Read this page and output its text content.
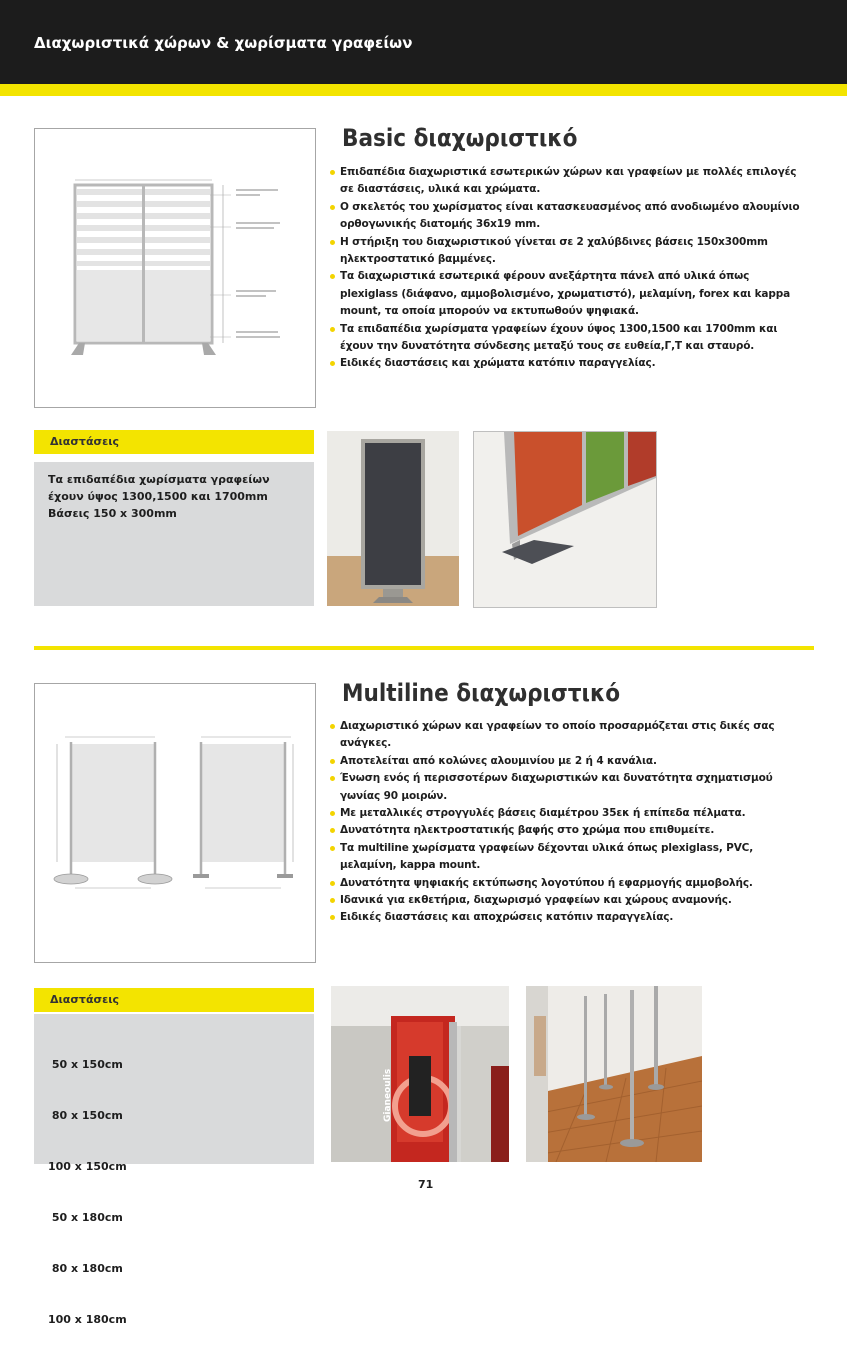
Διαχωριστικά χώρων & χωρίσματα γραφείων
Basic διαχωριστικό
Επιδαπέδια διαχωριστικά εσωτερικών χώρων και γραφείων με πολλές επιλογές σε διαστάσεις, υλικά και χρώματα.
Ο σκελετός του χωρίσματος είναι κατασκευασμένος από ανοδιωμένο αλουμίνιο ορθογωνικής διατομής 36x19 mm.
Η στήριξη του διαχωριστικού γίνεται σε 2 χαλύβδινες βάσεις 150x300mm ηλεκτροστατικό βαμμένες.
Τα διαχωριστικά εσωτερικά φέρουν ανεξάρτητα πάνελ από υλικά όπως plexiglass (διάφανο, αμμοβολισμένο, χρωματιστό), μελαμίνη, forex και kappa mount, τα οποία μπορούν να εκτυπωθούν ψηφιακά.
Τα επιδαπέδια χωρίσματα γραφείων έχουν ύψος 1300,1500 και 1700mm και έχουν την δυνατότητα σύνδεσης μεταξύ τους σε ευθεία,Γ,Τ και σταυρό.
Ειδικές διαστάσεις και χρώματα κατόπιν παραγγελίας.
Διαστάσεις
Τα επιδαπέδια χωρίσματα γραφείων
έχουν ύψος 1300,1500 και 1700mm
Βάσεις 150 x 300mm
Multiline διαχωριστικό
Διαχωριστικό χώρων και γραφείων το οποίο προσαρμόζεται στις δικές σας ανάγκες.
Αποτελείται από κολώνες αλουμινίου με 2 ή 4 κανάλια.
Ένωση ενός ή περισσοτέρων διαχωριστικών και δυνατότητα σχηματισμού γωνίας 90 μοιρών.
Με μεταλλικές στρογγυλές βάσεις διαμέτρου 35εκ ή επίπεδα πέλματα.
Δυνατότητα ηλεκτροστατικής βαφής στο χρώμα που επιθυμείτε.
Τα multiline χωρίσματα γραφείων δέχονται υλικά όπως plexiglass, PVC, μελαμίνη, kappa mount.
Δυνατότητα ψηφιακής εκτύπωσης λογοτύπου ή εφαρμογής αμμοβολής.
Ιδανικά για εκθετήρια, διαχωρισμό γραφείων και χώρους αναμονής.
Ειδικές διαστάσεις και αποχρώσεις κατόπιν παραγγελίας.
Διαστάσεις

50 x 150cm

80 x 150cm

100 x 150cm

50 x 180cm

80 x 180cm

100 x 180cm

Gianeoulis
71
